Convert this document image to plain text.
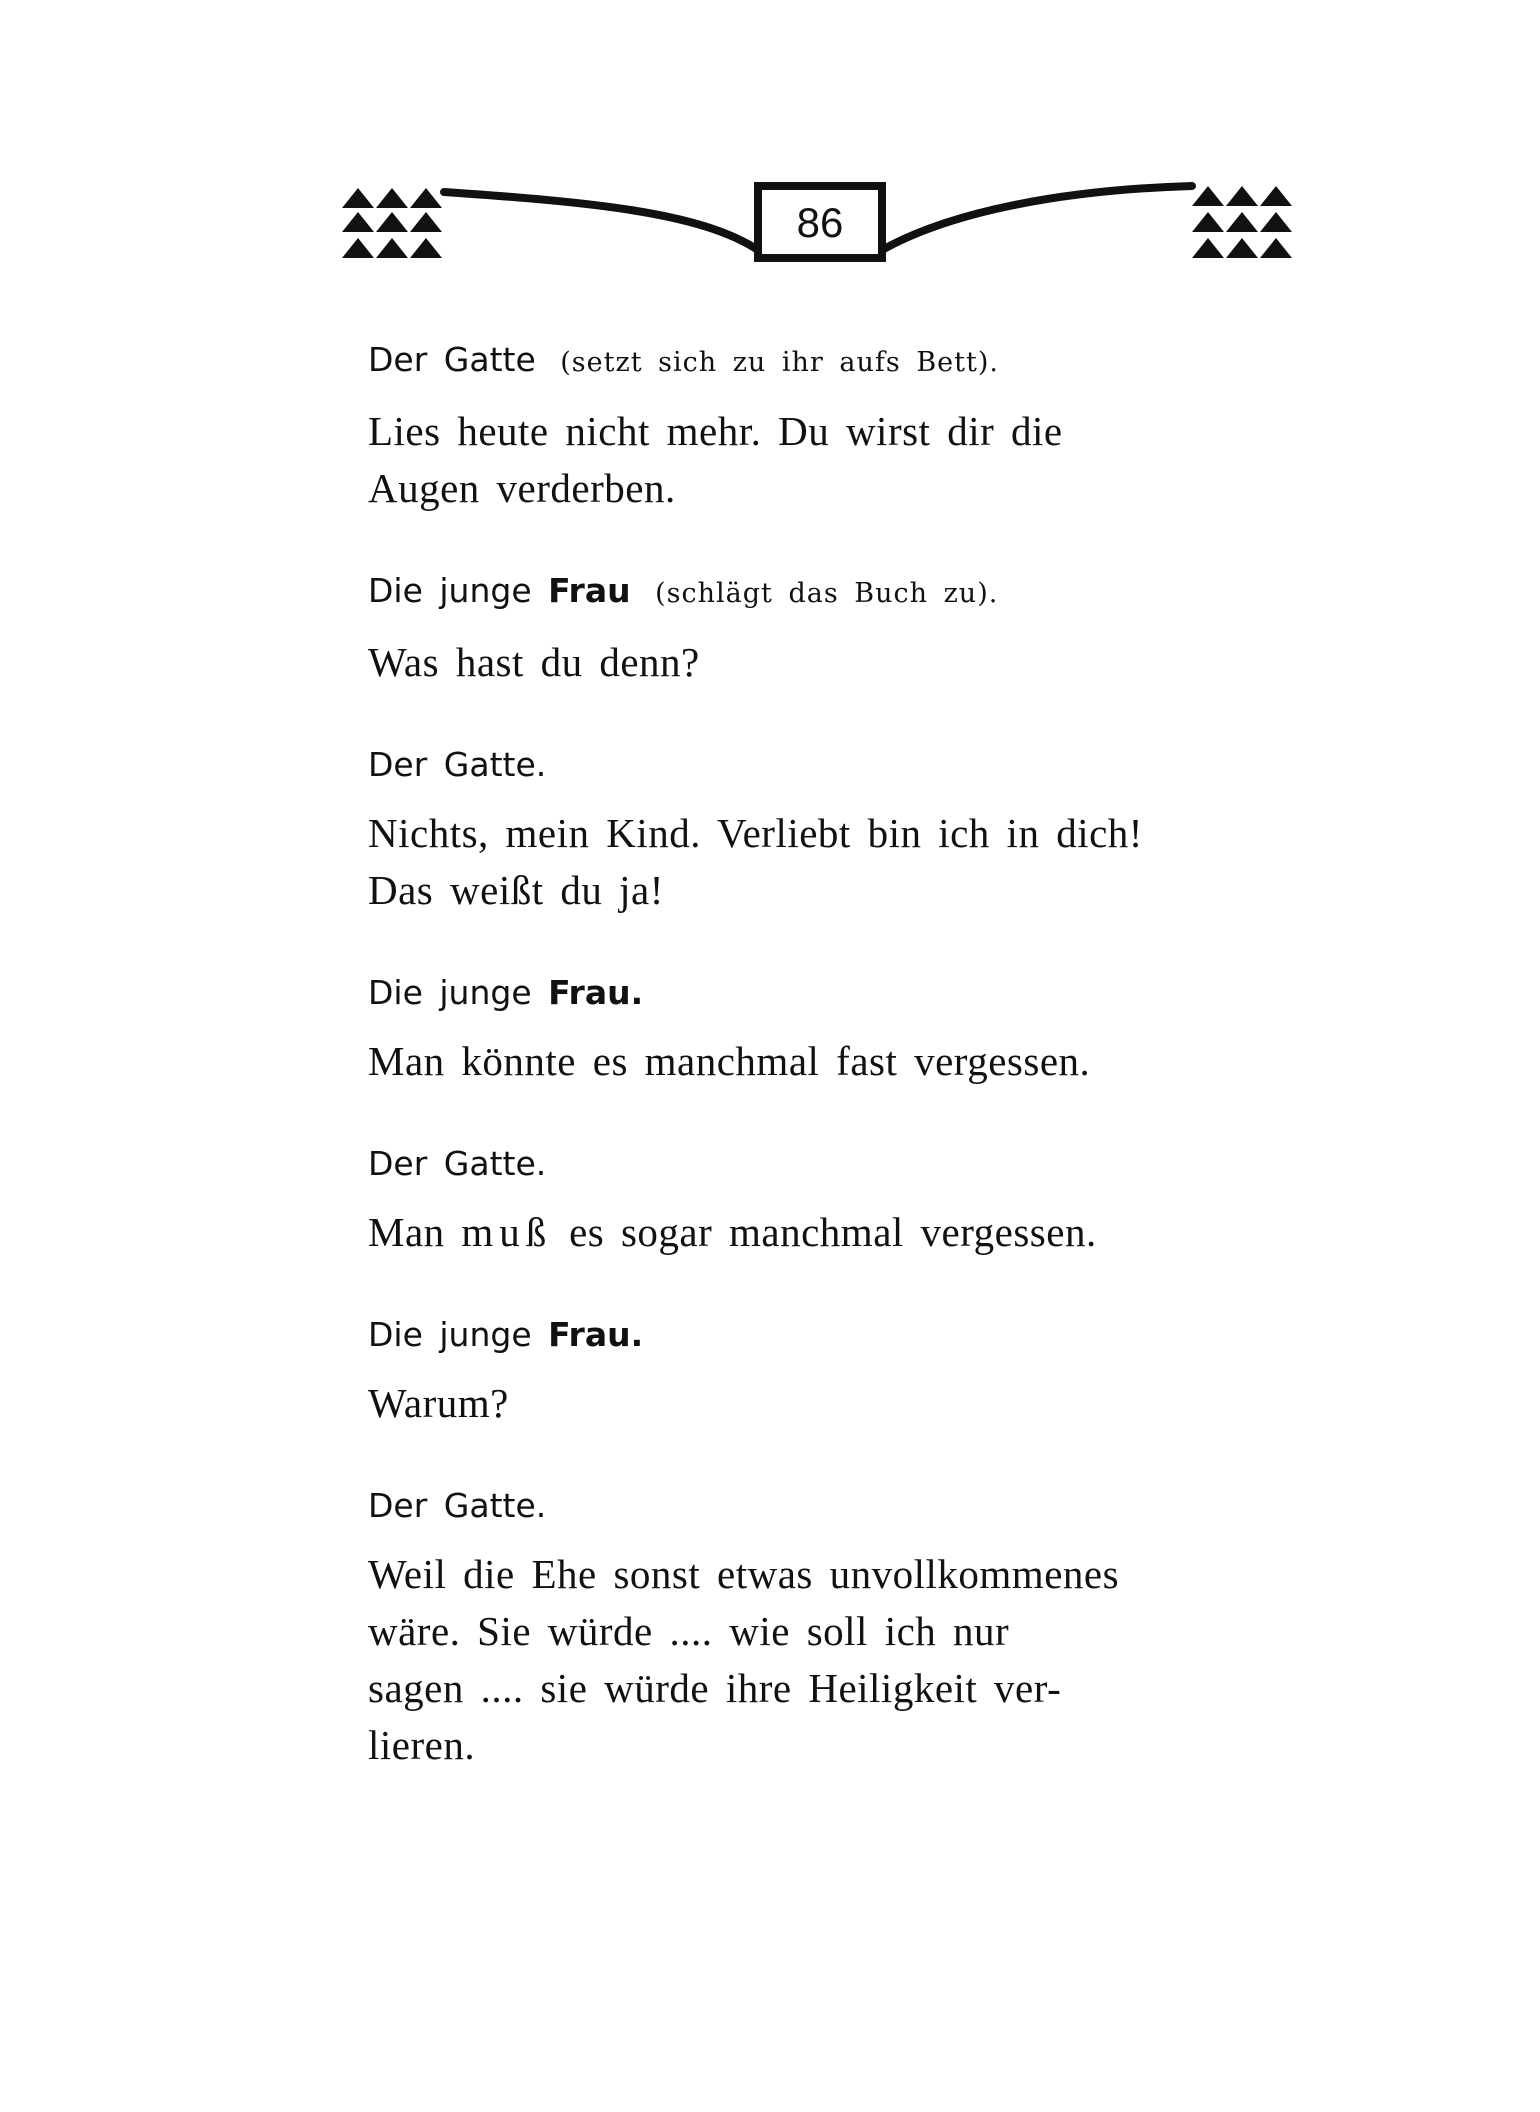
86
Der Gatte (setzt sich zu ihr aufs Bett).
Lies heute nicht mehr. Du wirst dir die
Augen verderben.
Die junge Frau (schlägt das Buch zu).
Was hast du denn?
Der Gatte.
Nichts, mein Kind. Verliebt bin ich in dich!
Das weißt du ja!
Die junge Frau.
Man könnte es manchmal fast vergessen.
Der Gatte.
Man muß es sogar manchmal vergessen.
Die junge Frau.
Warum?
Der Gatte.
Weil die Ehe sonst etwas unvollkommenes
wäre. Sie würde .... wie soll ich nur
sagen .... sie würde ihre Heiligkeit ver-
lieren.
